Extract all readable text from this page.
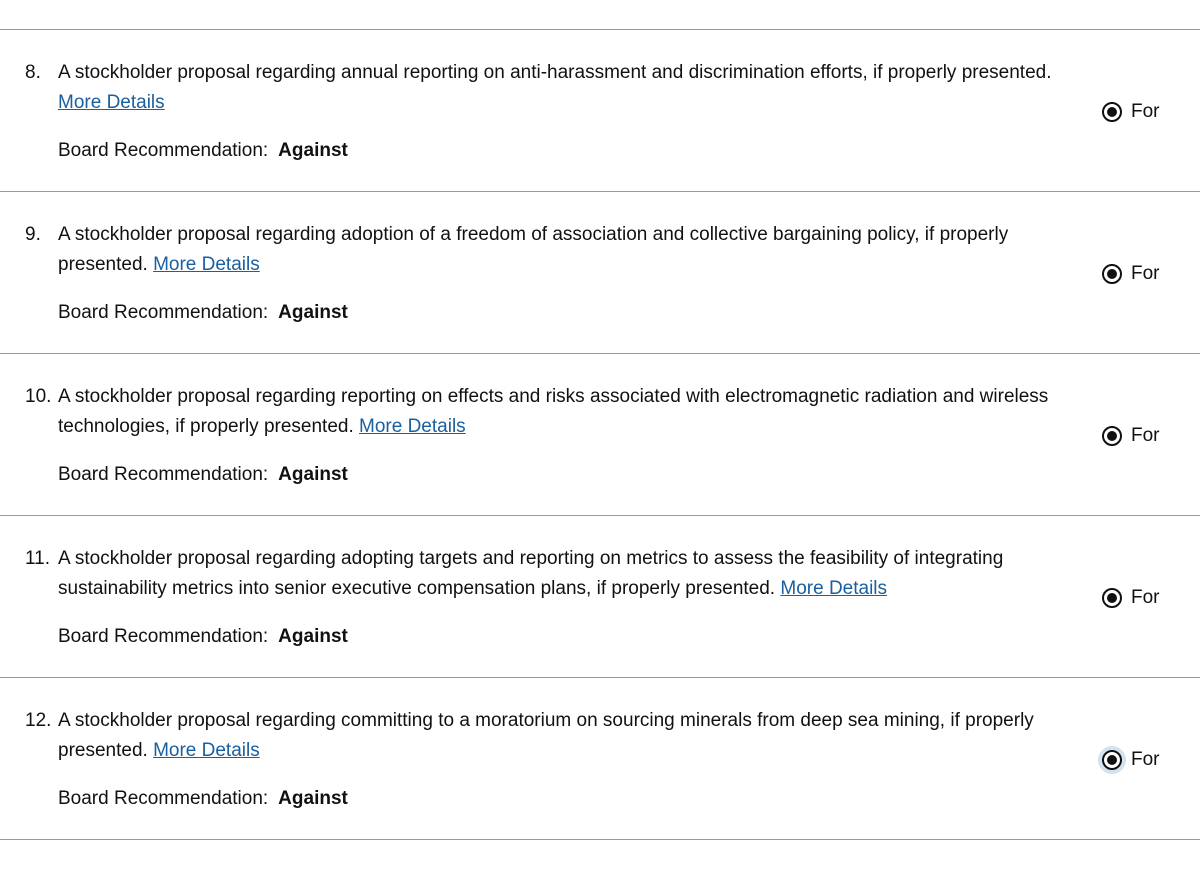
8. A stockholder proposal regarding annual reporting on anti-harassment and discrimination efforts, if properly presented. More Details
Board Recommendation: Against
For
9. A stockholder proposal regarding adoption of a freedom of association and collective bargaining policy, if properly presented. More Details
Board Recommendation: Against
For
10. A stockholder proposal regarding reporting on effects and risks associated with electromagnetic radiation and wireless technologies, if properly presented. More Details
Board Recommendation: Against
For
11. A stockholder proposal regarding adopting targets and reporting on metrics to assess the feasibility of integrating sustainability metrics into senior executive compensation plans, if properly presented. More Details
Board Recommendation: Against
For
12. A stockholder proposal regarding committing to a moratorium on sourcing minerals from deep sea mining, if properly presented. More Details
Board Recommendation: Against
For
